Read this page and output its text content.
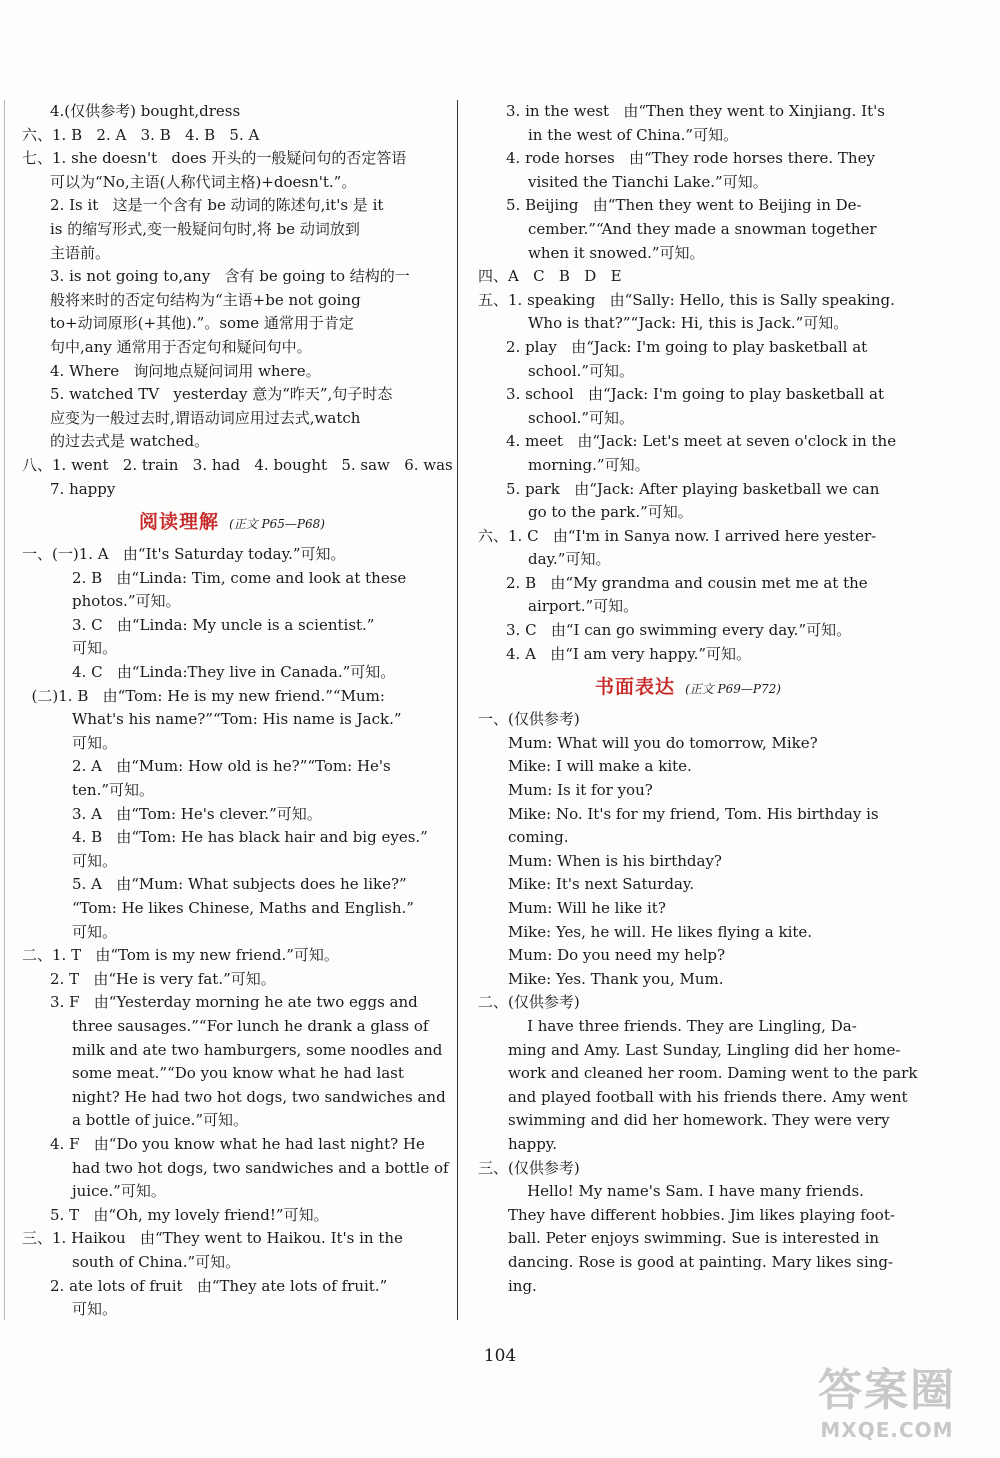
4.(仅供参考) bought,dress
六、1. B   2. A   3. B   4. B   5. A
七、1. she doesn't   does 开头的一般疑问句的否定答语
可以为“No,主语(人称代词主格)+doesn't.”。
2. Is it   这是一个含有 be 动词的陈述句,it's 是 it
is 的缩写形式,变一般疑问句时,将 be 动词放到
主语前。
3. is not going to,any   含有 be going to 结构的一
般将来时的否定句结构为“主语+be not going
to+动词原形(+其他).”。some 通常用于肯定
句中,any 通常用于否定句和疑问句中。
4. Where   询问地点疑问词用 where。
5. watched TV   yesterday 意为“昨天”,句子时态
应变为一般过去时,谓语动词应用过去式,watch
的过去式是 watched。
八、1. went   2. train   3. had   4. bought   5. saw   6. was
7. happy
阅读理解 (正文 P65—P68)
一、(一)1. A   由“It's Saturday today.”可知。
2. B   由“Linda: Tim, come and look at these
photos.”可知。
3. C   由“Linda: My uncle is a scientist.”
可知。
4. C   由“Linda:They live in Canada.”可知。
(二)1. B   由“Tom: He is my new friend.”“Mum:
What's his name?”“Tom: His name is Jack.”
可知。
2. A   由“Mum: How old is he?”“Tom: He's
ten.”可知。
3. A   由“Tom: He's clever.”可知。
4. B   由“Tom: He has black hair and big eyes.”
可知。
5. A   由“Mum: What subjects does he like?”
“Tom: He likes Chinese, Maths and English.”
可知。
二、1. T   由“Tom is my new friend.”可知。
2. T   由“He is very fat.”可知。
3. F   由“Yesterday morning he ate two eggs and
three sausages.”“For lunch he drank a glass of
milk and ate two hamburgers, some noodles and
some meat.”“Do you know what he had last
night? He had two hot dogs, two sandwiches and
a bottle of juice.”可知。
4. F   由“Do you know what he had last night? He
had two hot dogs, two sandwiches and a bottle of
juice.”可知。
5. T   由“Oh, my lovely friend!”可知。
三、1. Haikou   由“They went to Haikou. It's in the
south of China.”可知。
2. ate lots of fruit   由“They ate lots of fruit.”
可知。
3. in the west   由“Then they went to Xinjiang. It's
in the west of China.”可知。
4. rode horses   由“They rode horses there. They
visited the Tianchi Lake.”可知。
5. Beijing   由“Then they went to Beijing in De-
cember.”“And they made a snowman together
when it snowed.”可知。
四、A   C   B   D   E
五、1. speaking   由“Sally: Hello, this is Sally speaking.
Who is that?”“Jack: Hi, this is Jack.”可知。
2. play   由“Jack: I'm going to play basketball at
school.”可知。
3. school   由“Jack: I'm going to play basketball at
school.”可知。
4. meet   由“Jack: Let's meet at seven o'clock in the
morning.”可知。
5. park   由“Jack: After playing basketball we can
go to the park.”可知。
六、1. C   由“I'm in Sanya now. I arrived here yester-
day.”可知。
2. B   由“My grandma and cousin met me at the
airport.”可知。
3. C   由“I can go swimming every day.”可知。
4. A   由“I am very happy.”可知。
书面表达 (正文 P69—P72)
一、(仅供参考)
Mum: What will you do tomorrow, Mike?
Mike: I will make a kite.
Mum: Is it for you?
Mike: No. It's for my friend, Tom. His birthday is
coming.
Mum: When is his birthday?
Mike: It's next Saturday.
Mum: Will he like it?
Mike: Yes, he will. He likes flying a kite.
Mum: Do you need my help?
Mike: Yes. Thank you, Mum.
二、(仅供参考)
I have three friends. They are Lingling, Da-
ming and Amy. Last Sunday, Lingling did her home-
work and cleaned her room. Daming went to the park
and played football with his friends there. Amy went
swimming and did her homework. They were very
happy.
三、(仅供参考)
Hello! My name's Sam. I have many friends.
They have different hobbies. Jim likes playing foot-
ball. Peter enjoys swimming. Sue is interested in
dancing. Rose is good at painting. Mary likes sing-
ing.
104
答案圈
MXQE.COM
